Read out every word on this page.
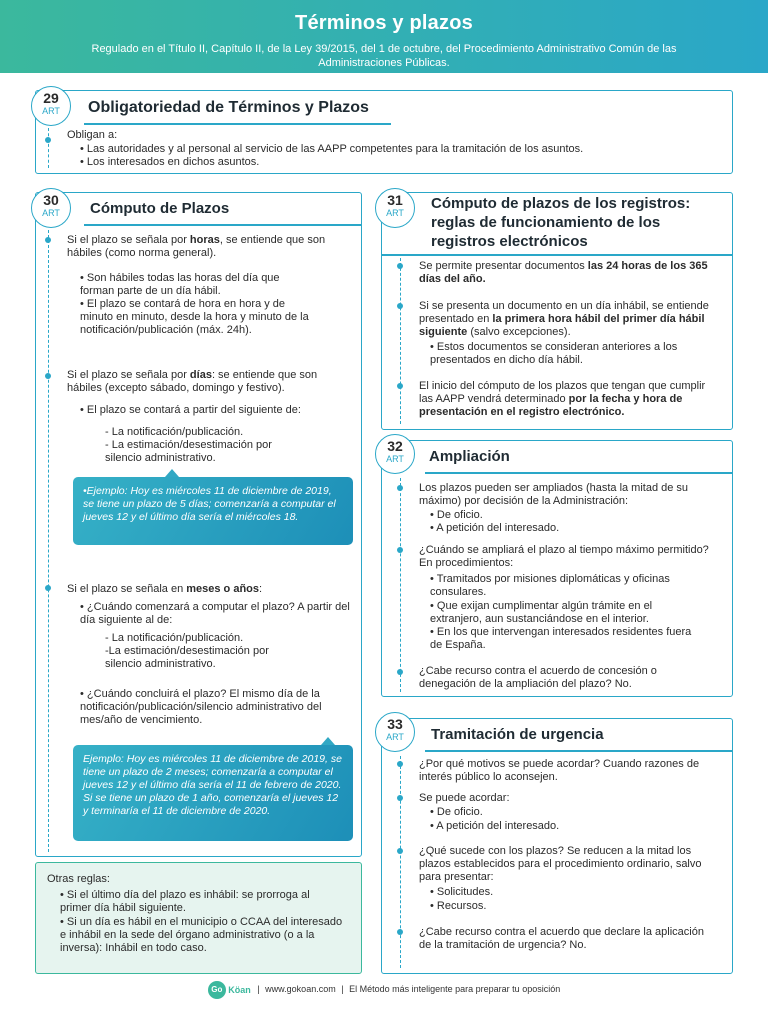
Términos y plazos
Regulado en el Título II, Capítulo II, de la Ley 39/2015, del 1 de octubre, del Procedimiento Administrativo Común de las Administraciones Públicas.
29
ART	Obligatoriedad de Términos y Plazos
Obligan a:
• Las autoridades y al personal al servicio de las AAPP competentes para la tramitación de los asuntos.
• Los interesados en dichos asuntos.
30
ART	Cómputo de Plazos
Si el plazo se señala por horas, se entiende que son hábiles (como norma general).
• Son hábiles todas las horas del día que forman parte de un día hábil.
• El plazo se contará de hora en hora y de minuto en minuto, desde la hora y minuto de la notificación/publicación (máx. 24h).
Si el plazo se señala por días: se entiende que son hábiles (excepto sábado, domingo y festivo).
• El plazo se contará a partir del siguiente de:
- La notificación/publicación.
- La estimación/desestimación por silencio administrativo.
•Ejemplo: Hoy es miércoles 11 de diciembre de 2019, se tiene un plazo de 5 días; comenzaría a computar el jueves 12 y el último día sería el miércoles 18.
Si el plazo se señala en meses o años:
• ¿Cuándo comenzará a computar el plazo? A partir del día siguiente al de:
- La notificación/publicación.
-La estimación/desestimación por silencio administrativo.
• ¿Cuándo concluirá el plazo? El mismo día de la notificación/publicación/silencio administrativo del mes/año de vencimiento.
Ejemplo: Hoy es miércoles 11 de diciembre de 2019, se tiene un plazo de 2 meses; comenzaría a computar el jueves 12 y el último día sería el 11 de febrero de 2020. Si se tiene un plazo de 1 año, comenzaría el jueves 12 y terminaría el 11 de diciembre de 2020.
Otras reglas:
• Si el último día del plazo es inhábil: se prorroga al primer día hábil siguiente.
• Si un día es hábil en el municipio o CCAA del interesado e inhábil en la sede del órgano administrativo (o a la inversa): Inhábil en todo caso.
31
ART
Cómputo de plazos de los registros: reglas de funcionamiento de los registros electrónicos
Se permite presentar documentos las 24 horas de los 365 días del año.
Si se presenta un documento en un día inhábil, se entiende presentado en la primera hora hábil del primer día hábil siguiente (salvo excepciones).
• Estos documentos se consideran anteriores a los presentados en dicho día hábil.
El inicio del cómputo de los plazos que tengan que cumplir las AAPP vendrá determinado por la fecha y hora de presentación en el registro electrónico.
32
ART	Ampliación
Los plazos pueden ser ampliados (hasta la mitad de su máximo) por decisión de la Administración:
• De oficio.
• A petición del interesado.
¿Cuándo se ampliará el plazo al tiempo máximo permitido? En procedimientos:
• Tramitados por misiones diplomáticas y oficinas consulares.
• Que exijan cumplimentar algún trámite en el extranjero, aun sustanciándose en el interior.
• En los que intervengan interesados residentes fuera de España.
¿Cabe recurso contra el acuerdo de concesión o denegación de la ampliación del plazo? No.
33
ART	Tramitación de urgencia
¿Por qué motivos se puede acordar? Cuando razones de interés público lo aconsejen.
Se puede acordar:
• De oficio.
• A petición del interesado.
¿Qué sucede con los plazos? Se reducen a la mitad los plazos establecidos para el procedimiento ordinario, salvo para presentar:
• Solicitudes.
• Recursos.
¿Cabe recurso contra el acuerdo que declare la aplicación de la tramitación de urgencia? No.
Go Köan | www.gokoan.com | El Método más inteligente para preparar tu oposición
